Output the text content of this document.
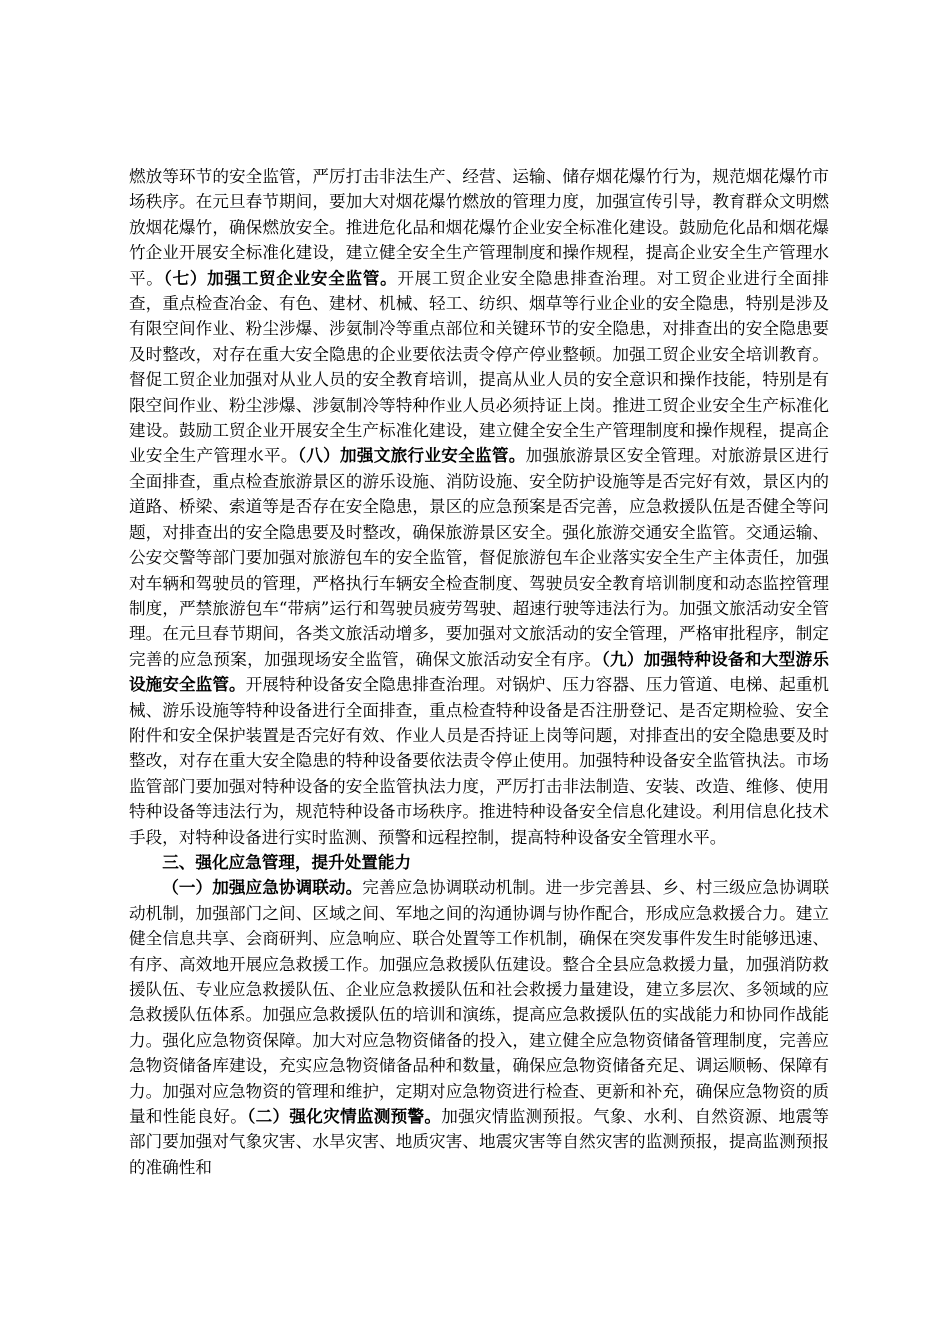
燃放等环节的安全监管，严厉打击非法生产、经营、运输、储存烟花爆竹行为，规范烟花爆竹市场秩序。在元旦春节期间，要加大对烟花爆竹燃放的管理力度，加强宣传引导，教育群众文明燃放烟花爆竹，确保燃放安全。推进危化品和烟花爆竹企业安全标准化建设。鼓励危化品和烟花爆竹企业开展安全标准化建设，建立健全安全生产管理制度和操作规程，提高企业安全生产管理水平。（七）加强工贸企业安全监管。开展工贸企业安全隐患排查治理。对工贸企业进行全面排查，重点检查冶金、有色、建材、机械、轻工、纺织、烟草等行业企业的安全隐患，特别是涉及有限空间作业、粉尘涉爆、涉氨制冷等重点部位和关键环节的安全隐患，对排查出的安全隐患要及时整改，对存在重大安全隐患的企业要依法责令停产停业整顿。加强工贸企业安全培训教育。督促工贸企业加强对从业人员的安全教育培训，提高从业人员的安全意识和操作技能，特别是有限空间作业、粉尘涉爆、涉氨制冷等特种作业人员必须持证上岗。推进工贸企业安全生产标准化建设。鼓励工贸企业开展安全生产标准化建设，建立健全安全生产管理制度和操作规程，提高企业安全生产管理水平。（八）加强文旅行业安全监管。加强旅游景区安全管理。对旅游景区进行全面排查，重点检查旅游景区的游乐设施、消防设施、安全防护设施等是否完好有效，景区内的道路、桥梁、索道等是否存在安全隐患，景区的应急预案是否完善，应急救援队伍是否健全等问题，对排查出的安全隐患要及时整改，确保旅游景区安全。强化旅游交通安全监管。交通运输、公安交警等部门要加强对旅游包车的安全监管，督促旅游包车企业落实安全生产主体责任，加强对车辆和驾驶员的管理，严格执行车辆安全检查制度、驾驶员安全教育培训制度和动态监控管理制度，严禁旅游包车“带病”运行和驾驶员疲劳驾驶、超速行驶等违法行为。加强文旅活动安全管理。在元旦春节期间，各类文旅活动增多，要加强对文旅活动的安全管理，严格审批程序，制定完善的应急预案，加强现场安全监管，确保文旅活动安全有序。（九）加强特种设备和大型游乐设施安全监管。开展特种设备安全隐患排查治理。对锅炉、压力容器、压力管道、电梯、起重机械、游乐设施等特种设备进行全面排查，重点检查特种设备是否注册登记、是否定期检验、安全附件和安全保护装置是否完好有效、作业人员是否持证上岗等问题，对排查出的安全隐患要及时整改，对存在重大安全隐患的特种设备要依法责令停止使用。加强特种设备安全监管执法。市场监管部门要加强对特种设备的安全监管执法力度，严厉打击非法制造、安装、改造、维修、使用特种设备等违法行为，规范特种设备市场秩序。推进特种设备安全信息化建设。利用信息化技术手段，对特种设备进行实时监测、预警和远程控制，提高特种设备安全管理水平。

三、强化应急管理，提升处置能力

（一）加强应急协调联动。完善应急协调联动机制。进一步完善县、乡、村三级应急协调联动机制，加强部门之间、区域之间、军地之间的沟通协调与协作配合，形成应急救援合力。建立健全信息共享、会商研判、应急响应、联合处置等工作机制，确保在突发事件发生时能够迅速、有序、高效地开展应急救援工作。加强应急救援队伍建设。整合全县应急救援力量，加强消防救援队伍、专业应急救援队伍、企业应急救援队伍和社会救援力量建设，建立多层次、多领域的应急救援队伍体系。加强应急救援队伍的培训和演练，提高应急救援队伍的实战能力和协同作战能力。强化应急物资保障。加大对应急物资储备的投入，建立健全应急物资储备管理制度，完善应急物资储备库建设，充实应急物资储备品种和数量，确保应急物资储备充足、调运顺畅、保障有力。加强对应急物资的管理和维护，定期对应急物资进行检查、更新和补充，确保应急物资的质量和性能良好。（二）强化灾情监测预警。加强灾情监测预报。气象、水利、自然资源、地震等部门要加强对气象灾害、水旱灾害、地质灾害、地震灾害等自然灾害的监测预报，提高监测预报的准确性和
